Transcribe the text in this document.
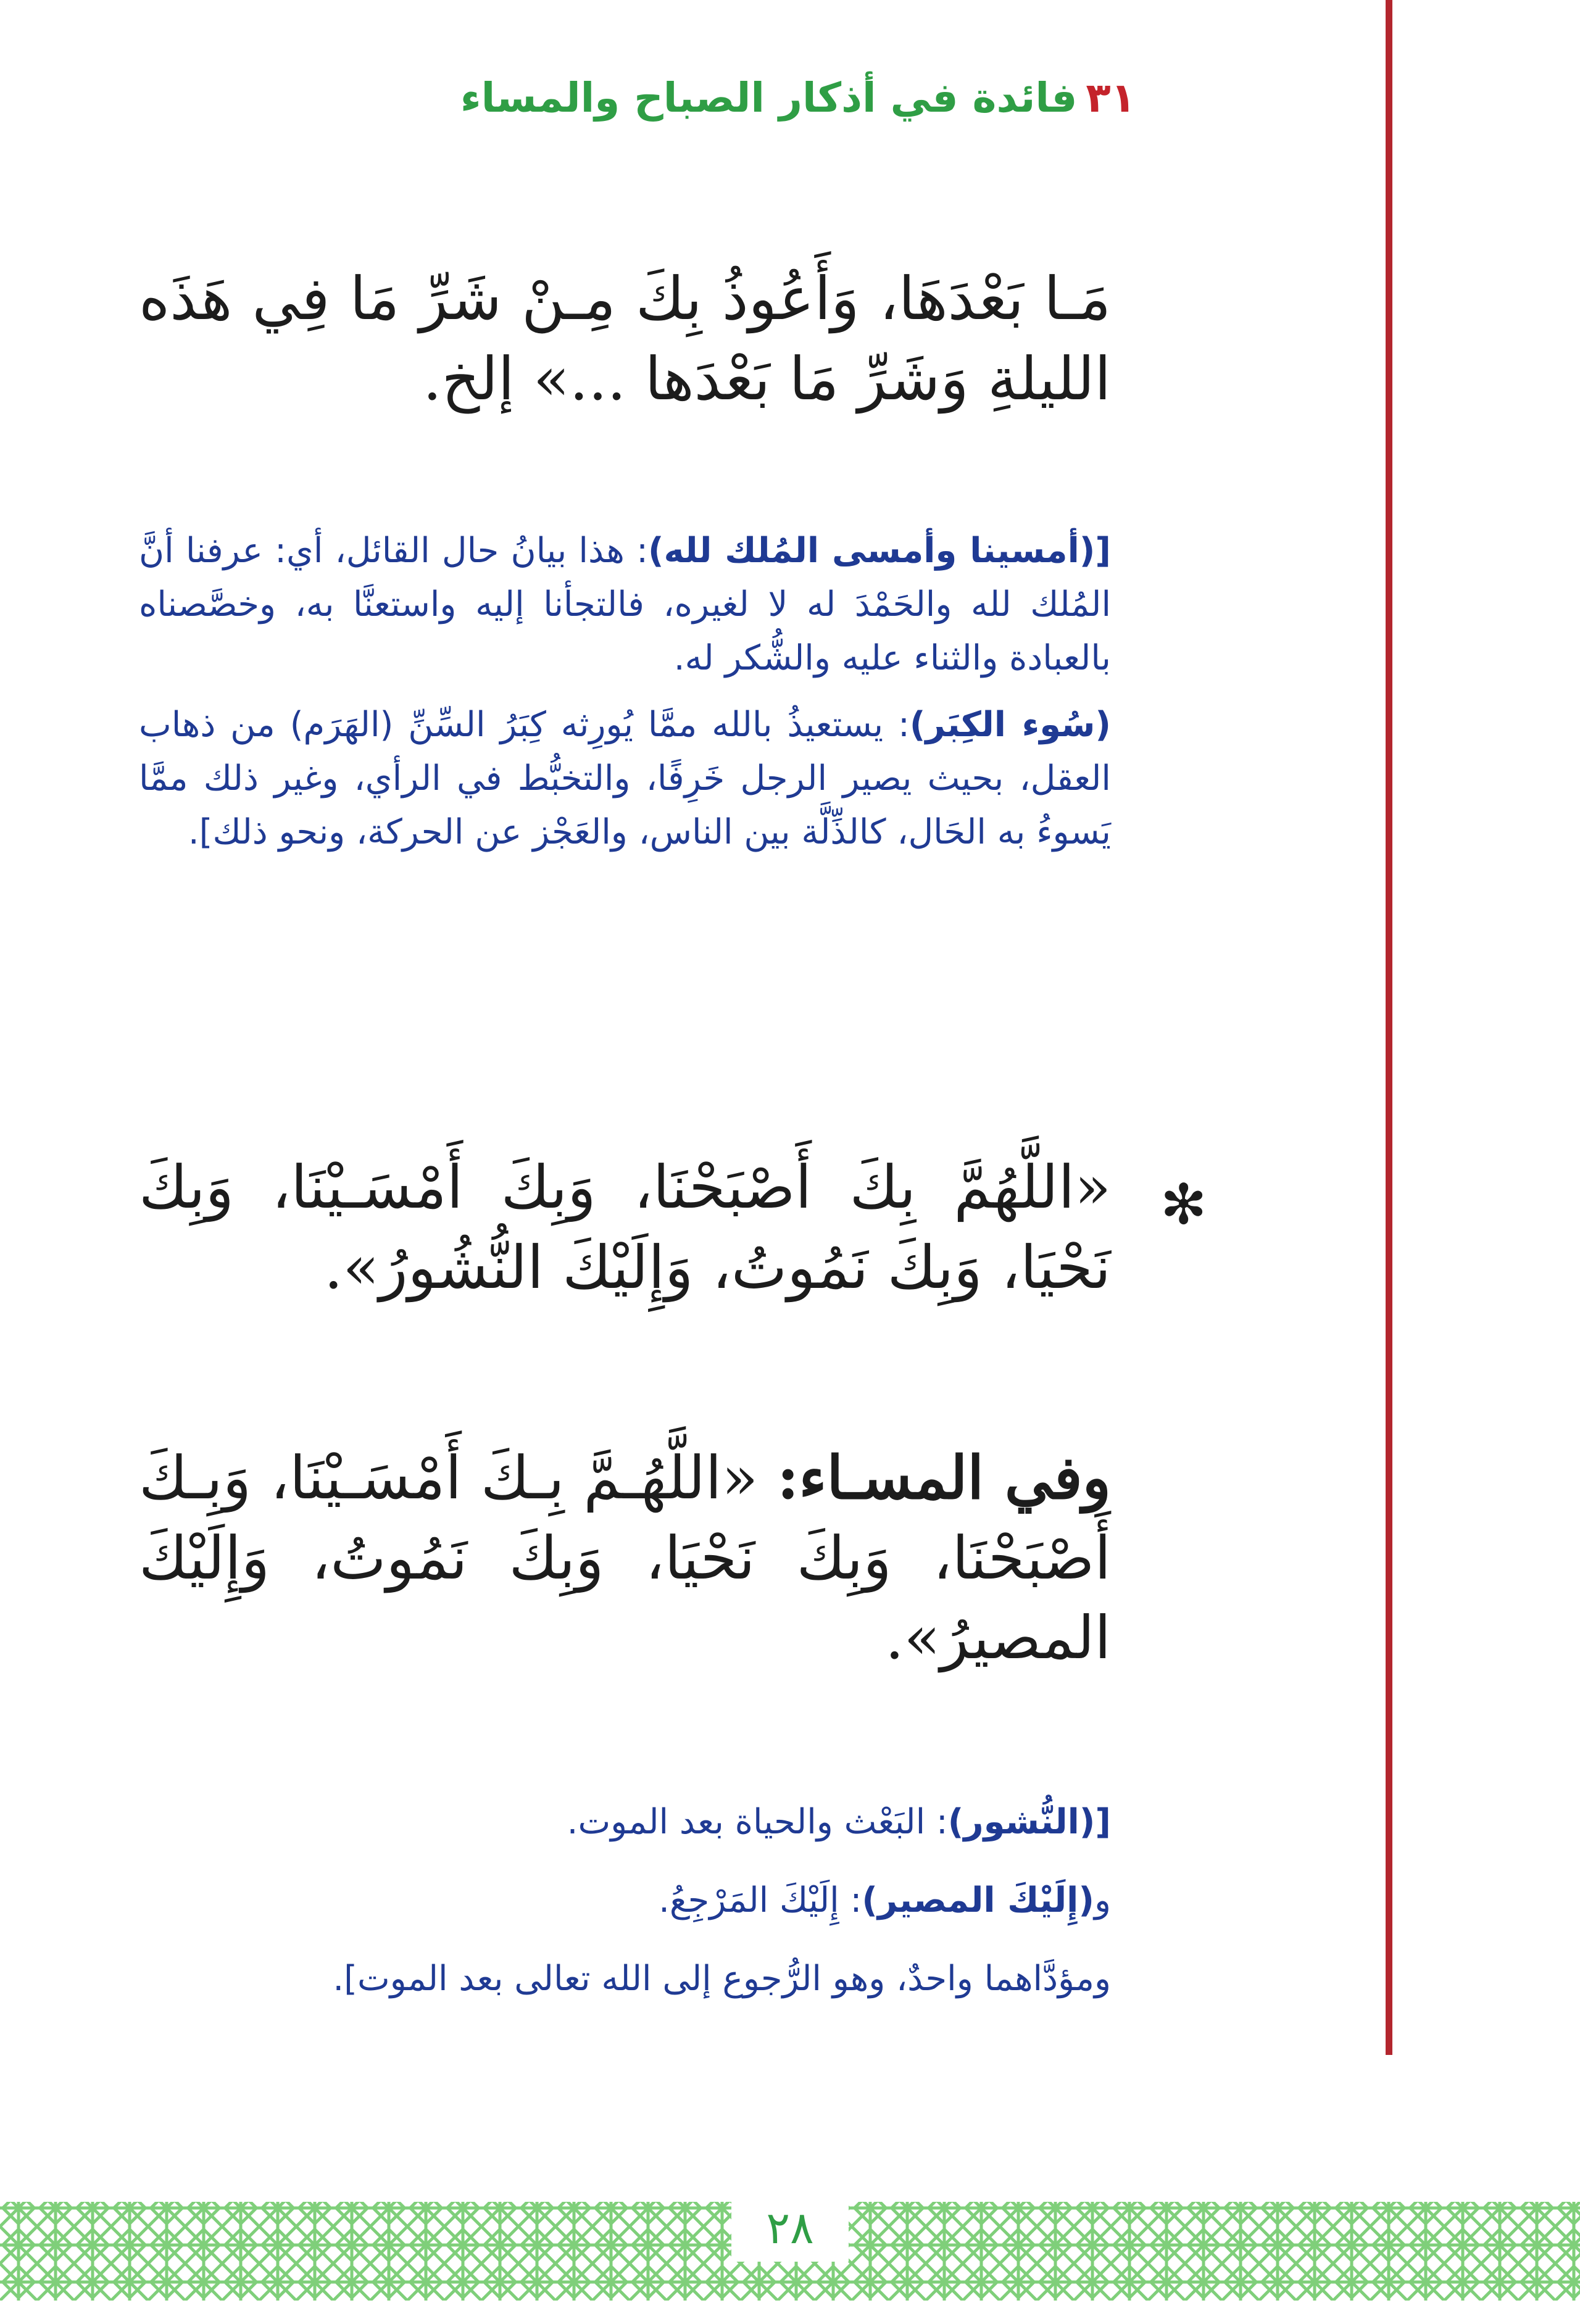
٣١فائدة في أذكار الصباح والمساء
مَـا بَعْدَهَا، وَأَعُوذُ بِكَ مِـنْ شَرِّ مَا فِي هَذَه الليلةِ وَشَرِّ مَا بَعْدَها ...» إلخ.
[(أمسينا وأمسى المُلك لله): هذا بيانُ حال القائل، أي: عرفنا أنَّ المُلك لله والحَمْدَ له لا لغيره، فالتجأنا إليه واستعنَّا به، وخصَّصناه بالعبادة والثناء عليه والشُّكر له.
(سُوء الكِبَر): يستعيذُ بالله ممَّا يُورِثه كِبَرُ السِّنِّ (الهَرَم) من ذهاب العقل، بحيث يصير الرجل خَرِفًا، والتخبُّط في الرأي، وغير ذلك ممَّا يَسوءُ به الحَال، كالذِّلَّة بين الناس، والعَجْز عن الحركة، ونحو ذلك].
✻
«اللَّهُمَّ بِكَ أَصْبَحْنَا، وَبِكَ أَمْسَـيْنَا، وَبِكَ نَحْيَا، وَبِكَ نَمُوتُ، وَإِلَيْكَ النُّشُورُ».
وفي المسـاء: «اللَّهُـمَّ بِـكَ أَمْسَـيْنَا، وَبِـكَ أَصْبَحْنَا، وَبِكَ نَحْيَا، وَبِكَ نَمُوتُ، وَإِلَيْكَ المصيرُ».
[(النُّشور): البَعْث والحياة بعد الموت.
و(إِلَيْكَ المصير): إِلَيْكَ المَرْجِعُ.
ومؤدَّاهما واحدٌ، وهو الرُّجوع إلى الله تعالى بعد الموت].
٢٨
